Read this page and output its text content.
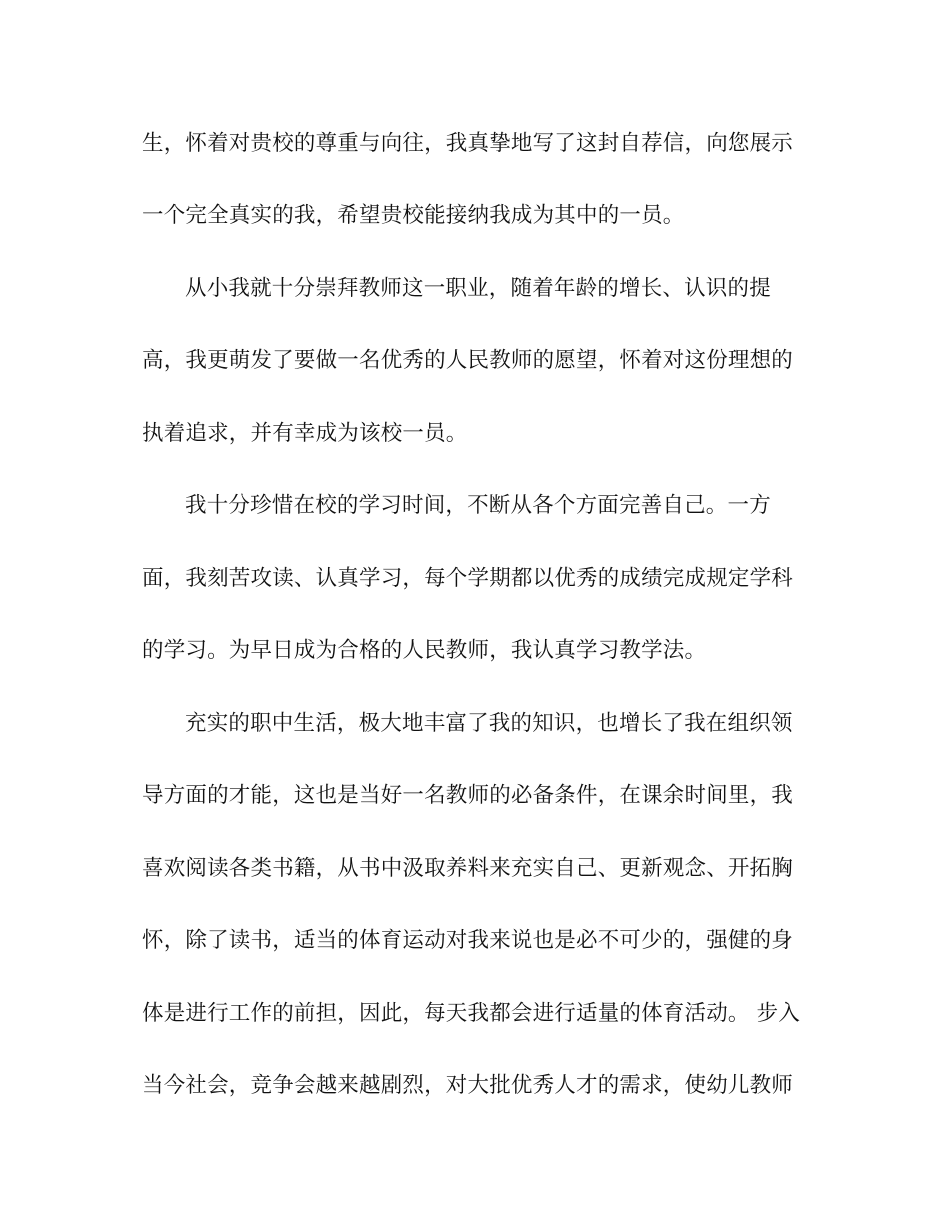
生，怀着对贵校的尊重与向往，我真挚地写了这封自荐信，向您展示

一个完全真实的我，希望贵校能接纳我成为其中的一员。

从小我就十分崇拜教师这一职业，随着年龄的增长、认识的提

高，我更萌发了要做一名优秀的人民教师的愿望，怀着对这份理想的

执着追求，并有幸成为该校一员。

我十分珍惜在校的学习时间，不断从各个方面完善自己。一方

面，我刻苦攻读、认真学习，每个学期都以优秀的成绩完成规定学科

的学习。为早日成为合格的人民教师，我认真学习教学法。

充实的职中生活，极大地丰富了我的知识，也增长了我在组织领

导方面的才能，这也是当好一名教师的必备条件，在课余时间里，我

喜欢阅读各类书籍，从书中汲取养料来充实自己、更新观念、开拓胸

怀，除了读书，适当的体育运动对我来说也是必不可少的，强健的身

体是进行工作的前担，因此，每天我都会进行适量的体育活动。 步入

当今社会，竞争会越来越剧烈，对大批优秀人才的需求，使幼儿教师
